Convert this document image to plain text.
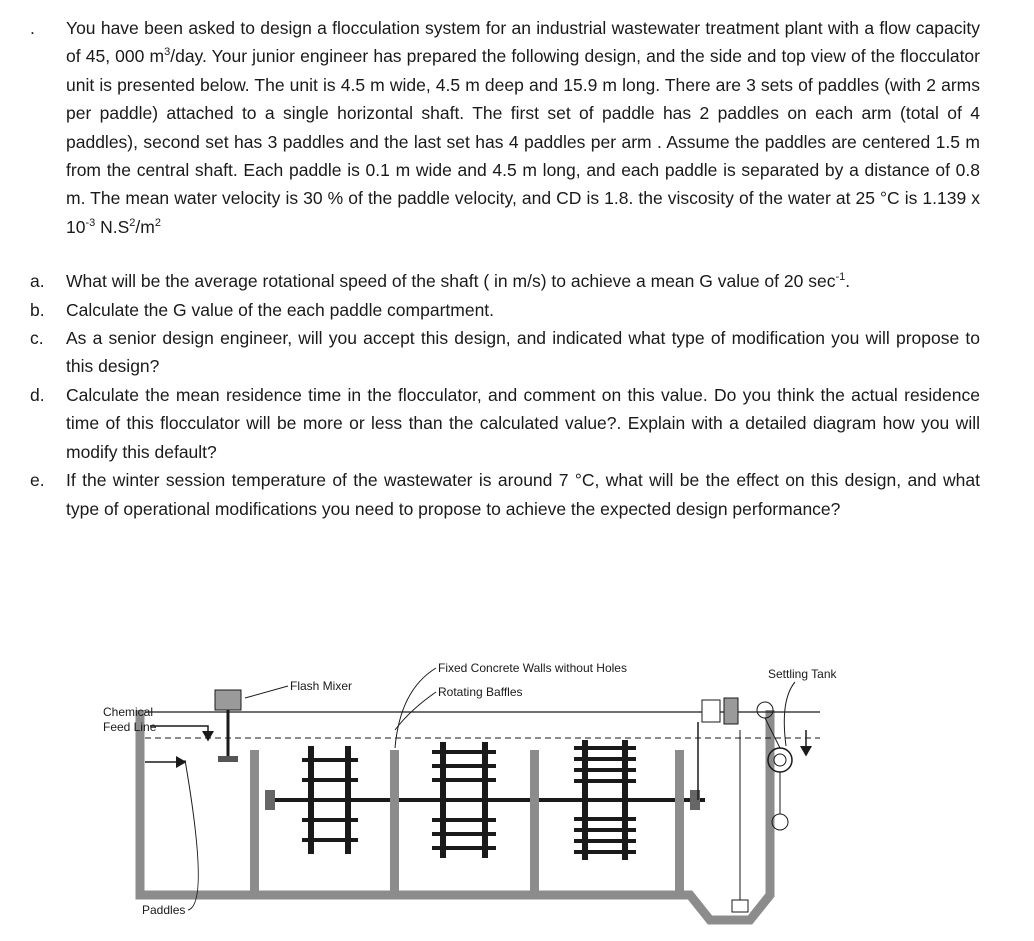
.	You have been asked to design a flocculation system for an industrial wastewater treatment plant with a flow capacity of 45, 000 $m^3$/day. Your junior engineer has prepared the following design, and the side and top view of the flocculator unit is presented below. The unit is 4.5 m wide, 4.5 m deep and 15.9 m long. There are 3 sets of paddles (with 2 arms per paddle) attached to a single horizontal shaft. The first set of paddle has 2 paddles on each arm (total of 4 paddles), second set has 3 paddles and the last set has 4 paddles per arm . Assume the paddles are centered 1.5 m from the central shaft. Each paddle is 0.1 m wide and 4.5 m long, and each paddle is separated by a distance of 0.8 m. The mean water velocity is 30 % of the paddle velocity, and CD is 1.8. the viscosity of the water at 25 °C is 1.139 x $10^{-3}$ $N.S^2/m^2$

a.	What will be the average rotational speed of the shaft ( in m/s) to achieve a mean G value of 20 $\sec^{-1}$.

b.	Calculate the G value of the each paddle compartment.

c.	As a senior design engineer, will you accept this design, and indicated what type of modification you will propose to this design?

d.	Calculate the mean residence time in the flocculator, and comment on this value. Do you think the actual residence time of this flocculator will be more or less than the calculated value?. Explain with a detailed diagram how you will modify this default?

e.	If the winter session temperature of the wastewater is around 7 °C, what will be the effect on this design, and what type of operational modifications you need to propose to achieve the expected design performance?

Chemical
Feed Line
Flash Mixer
Fixed Concrete Walls without Holes
Rotating Baffles
Settling Tank
Paddles
